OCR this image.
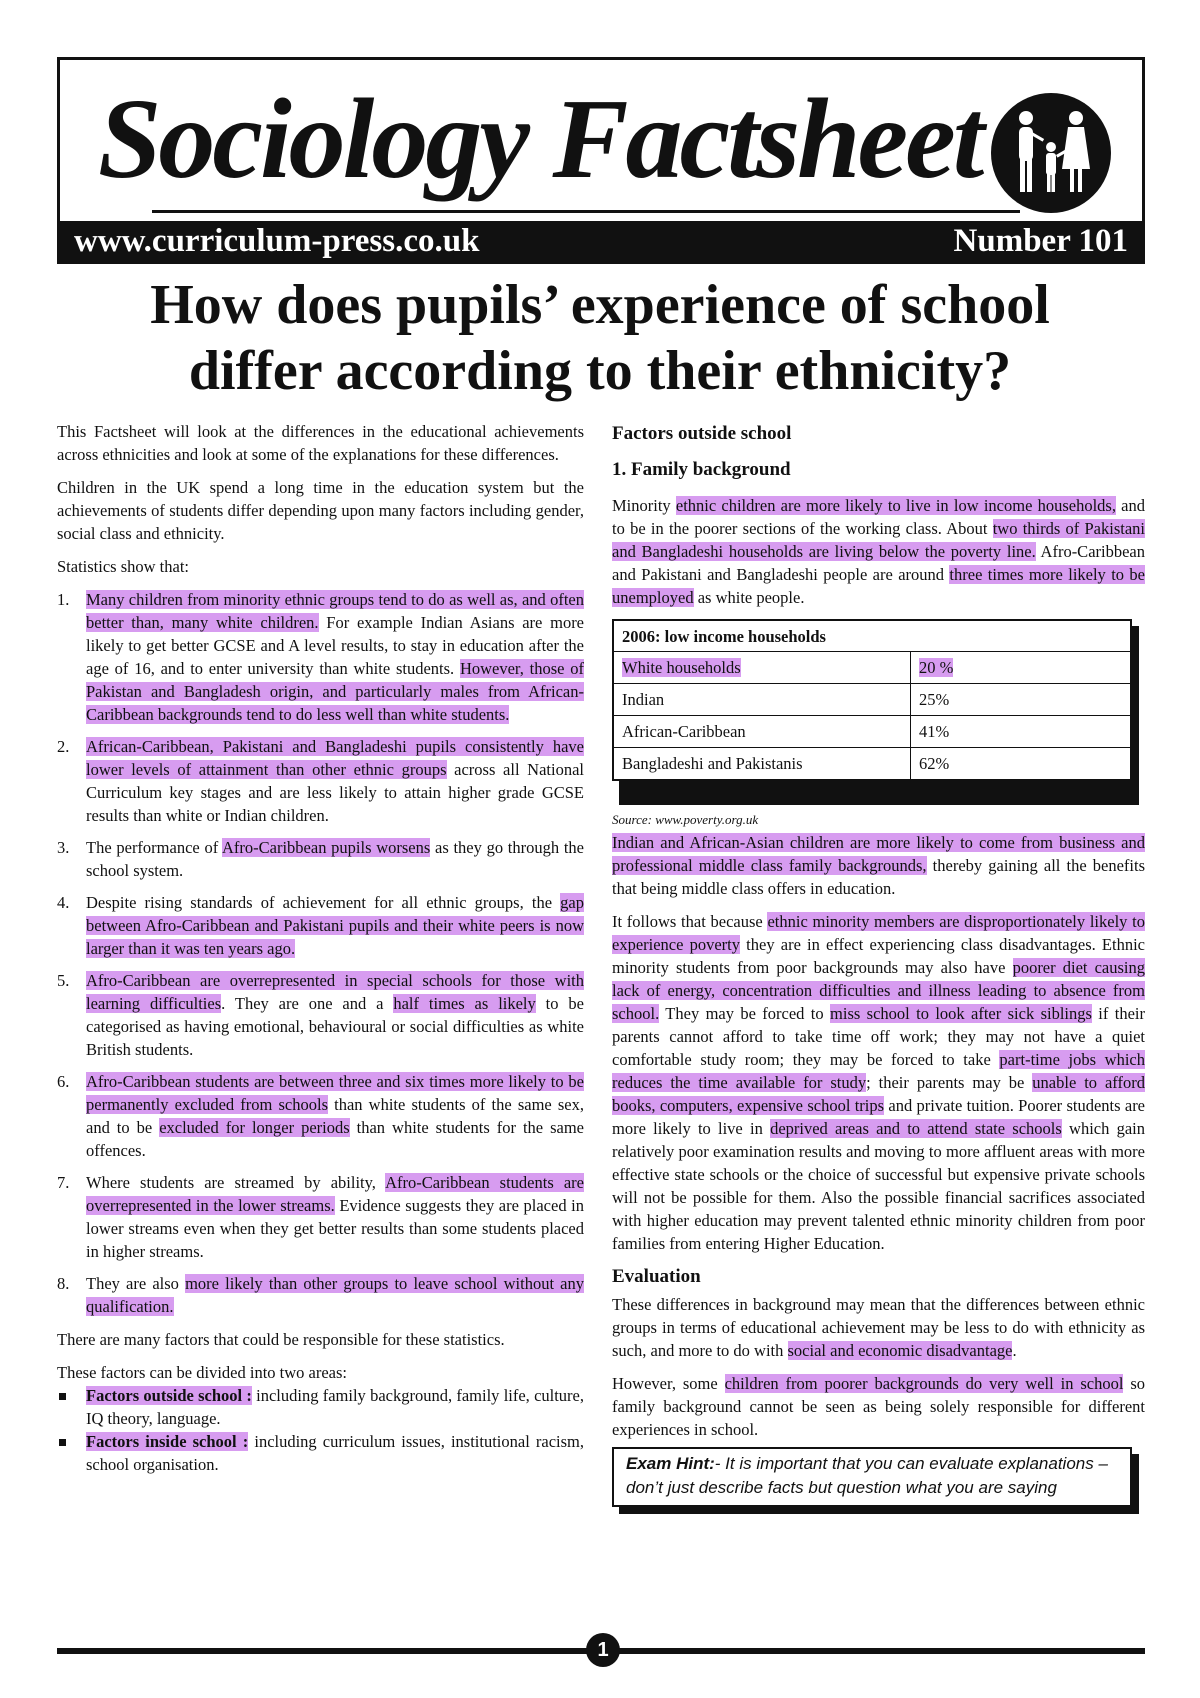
Sociology Factsheet
www.curriculum-press.co.uk	Number 101
How does pupils’ experience of school
differ according to their ethnicity?

This Factsheet will look at the differences in the educational achievements across ethnicities and look at some of the explanations for these differences.

Children in the UK spend a long time in the education system but the achievements of students differ depending upon many factors including gender, social class and ethnicity.

Statistics show that:

1. Many children from minority ethnic groups tend to do as well as, and often better than, many white children. For example Indian Asians are more likely to get better GCSE and A level results, to stay in education after the age of 16, and to enter university than white students. However, those of Pakistan and Bangladesh origin, and particularly males from African-Caribbean backgrounds tend to do less well than white students.
2. African-Caribbean, Pakistani and Bangladeshi pupils consistently have lower levels of attainment than other ethnic groups across all National Curriculum key stages and are less likely to attain higher grade GCSE results than white or Indian children.
3. The performance of Afro-Caribbean pupils worsens as they go through the school system.
4. Despite rising standards of achievement for all ethnic groups, the gap between Afro-Caribbean and Pakistani pupils and their white peers is now larger than it was ten years ago.
5. Afro-Caribbean are overrepresented in special schools for those with learning difficulties. They are one and a half times as likely to be categorised as having emotional, behavioural or social difficulties as white British students.
6. Afro-Caribbean students are between three and six times more likely to be permanently excluded from schools than white students of the same sex, and to be excluded for longer periods than white students for the same offences.
7. Where students are streamed by ability, Afro-Caribbean students are overrepresented in the lower streams. Evidence suggests they are placed in lower streams even when they get better results than some students placed in higher streams.
8. They are also more likely than other groups to leave school without any qualification.

There are many factors that could be responsible for these statistics.

These factors can be divided into two areas:

Factors outside school : including family background, family life, culture, IQ theory, language.
Factors inside school : including curriculum issues, institutional racism, school organisation.
Factors outside school
1. Family background

Minority ethnic children are more likely to live in low income households, and to be in the poorer sections of the working class. About two thirds of Pakistani and Bangladeshi households are living below the poverty line. Afro-Caribbean and Pakistani and Bangladeshi people are around three times more likely to be unemployed as white people.

2006: low income households	
White households	20 %
Indian	25%
African-Caribbean	41%
Bangladeshi and Pakistanis	62%
Source: www.poverty.org.uk

Indian and African-Asian children are more likely to come from business and professional middle class family backgrounds, thereby gaining all the benefits that being middle class offers in education.

It follows that because ethnic minority members are disproportionately likely to experience poverty they are in effect experiencing class disadvantages. Ethnic minority students from poor backgrounds may also have poorer diet causing lack of energy, concentration difficulties and illness leading to absence from school. They may be forced to miss school to look after sick siblings if their parents cannot afford to take time off work; they may not have a quiet comfortable study room; they may be forced to take part-time jobs which reduces the time available for study; their parents may be unable to afford books, computers, expensive school trips and private tuition. Poorer students are more likely to live in deprived areas and to attend state schools which gain relatively poor examination results and moving to more affluent areas with more effective state schools or the choice of successful but expensive private schools will not be possible for them. Also the possible financial sacrifices associated with higher education may prevent talented ethnic minority children from poor families from entering Higher Education.

Evaluation

These differences in background may mean that the differences between ethnic groups in terms of educational achievement may be less to do with ethnicity as such, and more to do with social and economic disadvantage.

However, some children from poorer backgrounds do very well in school so family background cannot be seen as being solely responsible for different experiences in school.

Exam Hint:- It is important that you can evaluate explanations – don’t just describe facts but question what you are saying
1
